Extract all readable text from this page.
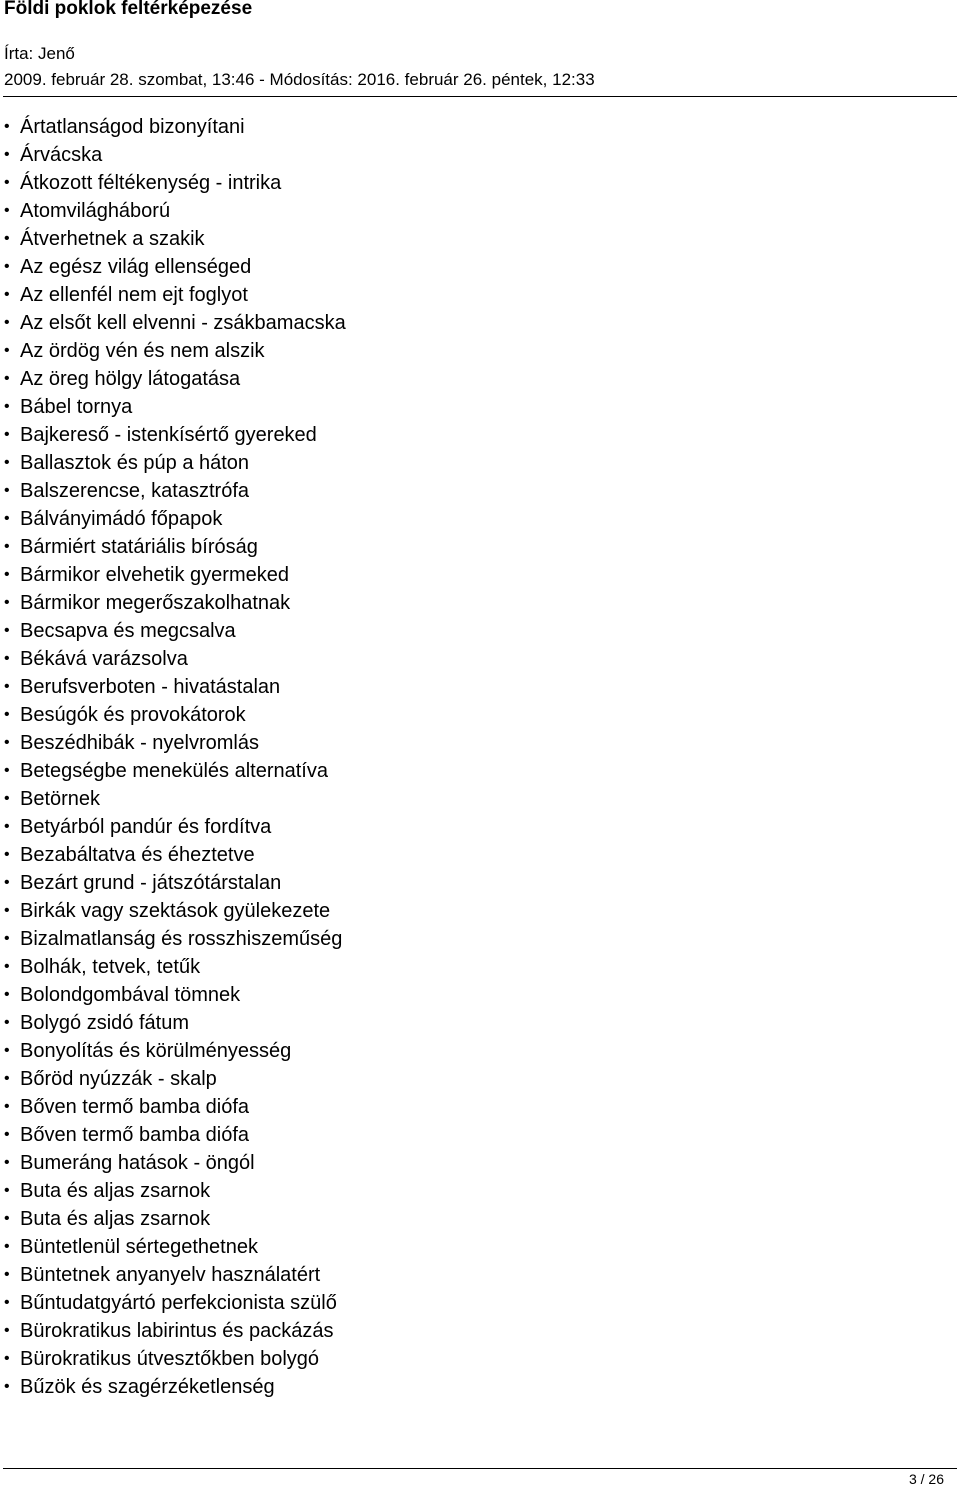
Földi poklok feltérképezése
Írta: Jenő
2009. február 28. szombat, 13:46 - Módosítás: 2016. február 26. péntek, 12:33
• Ártatlanságod bizonyítani
• Árvácska
• Átkozott féltékenység - intrika
• Atomvilágháború
• Átverhetnek a szakik
• Az egész világ ellenséged
• Az ellenfél nem ejt foglyot
• Az elsőt kell elvenni - zsákbamacska
• Az ördög vén és nem alszik
• Az öreg hölgy látogatása
• Bábel tornya
• Bajkereső - istenkísértő gyereked
• Ballasztok és púp a háton
• Balszerencse, katasztrófa
• Bálványimádó főpapok
• Bármiért statáriális bíróság
• Bármikor elvehetik gyermeked
• Bármikor megerőszakolhatnak
• Becsapva és megcsalva
• Békává varázsolva
• Berufsverboten - hivatástalan
• Besúgók és provokátorok
• Beszédhibák - nyelvromlás
• Betegségbe menekülés alternatíva
• Betörnek
• Betyárból pandúr és fordítva
• Bezabáltatva és éheztetve
• Bezárt grund - játszótárstalan
• Birkák vagy szektások gyülekezete
• Bizalmatlanság és rosszhiszeműség
• Bolhák, tetvek, tetűk
• Bolondgombával tömnek
• Bolygó zsidó fátum
• Bonyolítás és körülményesség
• Bőröd nyúzzák - skalp
• Bőven termő bamba diófa
• Bőven termő bamba diófa
• Bumeráng hatások - öngól
• Buta és aljas zsarnok
• Buta és aljas zsarnok
• Büntetlenül sértegethetnek
• Büntetnek anyanyelv használatért
• Bűntudatgyártó perfekcionista szülő
• Bürokratikus labirintus és packázás
• Bürokratikus útvesztőkben bolygó
• Bűzök és szagérzéketlenség
3 / 26
